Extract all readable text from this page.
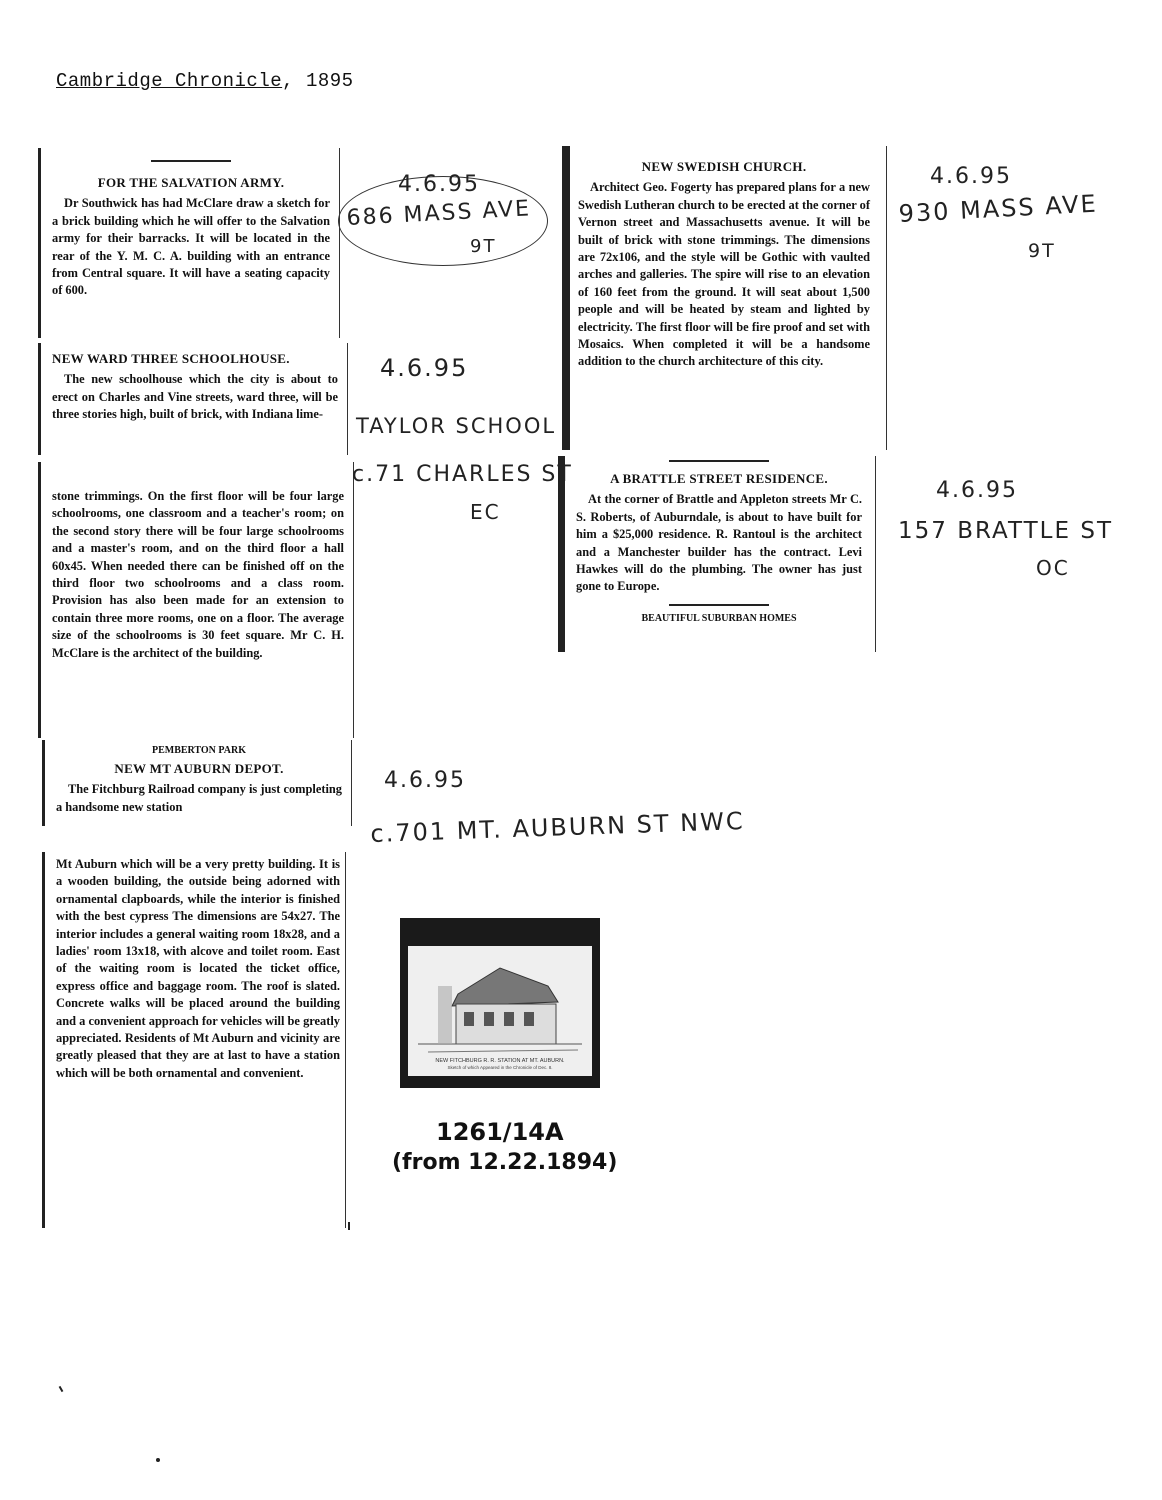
Cambridge Chronicle, 1895
FOR THE SALVATION ARMY.

Dr Southwick has had McClare draw a sketch for a brick building which he will offer to the Salvation army for their barracks. It will be located in the rear of the Y. M. C. A. building with an entrance from Central square. It will have a seating capacity of 600.

NEW WARD THREE SCHOOLHOUSE.

The new schoolhouse which the city is about to erect on Charles and Vine streets, ward three, will be three stories high, built of brick, with Indiana lime-

stone trimmings. On the first floor will be four large schoolrooms, one classroom and a teacher's room; on the second story there will be four large schoolrooms and a master's room, and on the third floor a hall 60x45. When needed there can be finished off on the third floor two schoolrooms and a class room. Provision has also been made for an extension to contain three more rooms, one on a floor. The average size of the schoolrooms is 30 feet square. Mr C. H. McClare is the architect of the building.

PEMBERTON PARK
NEW MT AUBURN DEPOT.

The Fitchburg Railroad company is just completing a handsome new station

Mt Auburn which will be a very pretty building. It is a wooden building, the outside being adorned with ornamental clapboards, while the interior is finished with the best cypress The dimensions are 54x27. The interior includes a general waiting room 18x28, and a ladies' room 13x18, with alcove and toilet room. East of the waiting room is located the ticket office, express office and baggage room. The roof is slated. Concrete walks will be placed around the building and a convenient approach for vehicles will be greatly appreciated. Residents of Mt Auburn and vicinity are greatly pleased that they are at last to have a station which will be both ornamental and convenient.

NEW SWEDISH CHURCH.

Architect Geo. Fogerty has prepared plans for a new Swedish Lutheran church to be erected at the corner of Vernon street and Massachusetts avenue. It will be built of brick with stone trimmings. The dimensions are 72x106, and the style will be Gothic with vaulted arches and galleries. The spire will rise to an elevation of 160 feet from the ground. It will seat about 1,500 people and will be heated by steam and lighted by electricity. The first floor will be fire proof and set with Mosaics. When completed it will be a handsome addition to the church architecture of this city.

A BRATTLE STREET RESIDENCE.

At the corner of Brattle and Appleton streets Mr C. S. Roberts, of Auburndale, is about to have built for him a $25,000 residence. R. Rantoul is the architect and a Manchester builder has the contract. Levi Hawkes will do the plumbing. The owner has just gone to Europe.

BEAUTIFUL SUBURBAN HOMES
4.6.95
686 MASS AVE
9T
4.6.95
TAYLOR SCHOOL
c.71 CHARLES ST
EC
4.6.95
c.701 MT. AUBURN ST NWC
4.6.95
930 MASS AVE
9T
4.6.95
157 BRATTLE ST
OC
NEW FITCHBURG R. R. STATION AT MT. AUBURN.
Sketch of which Appeared in the Chronicle of Dec. 8.
1261/14A
(from 12.22.1894)
